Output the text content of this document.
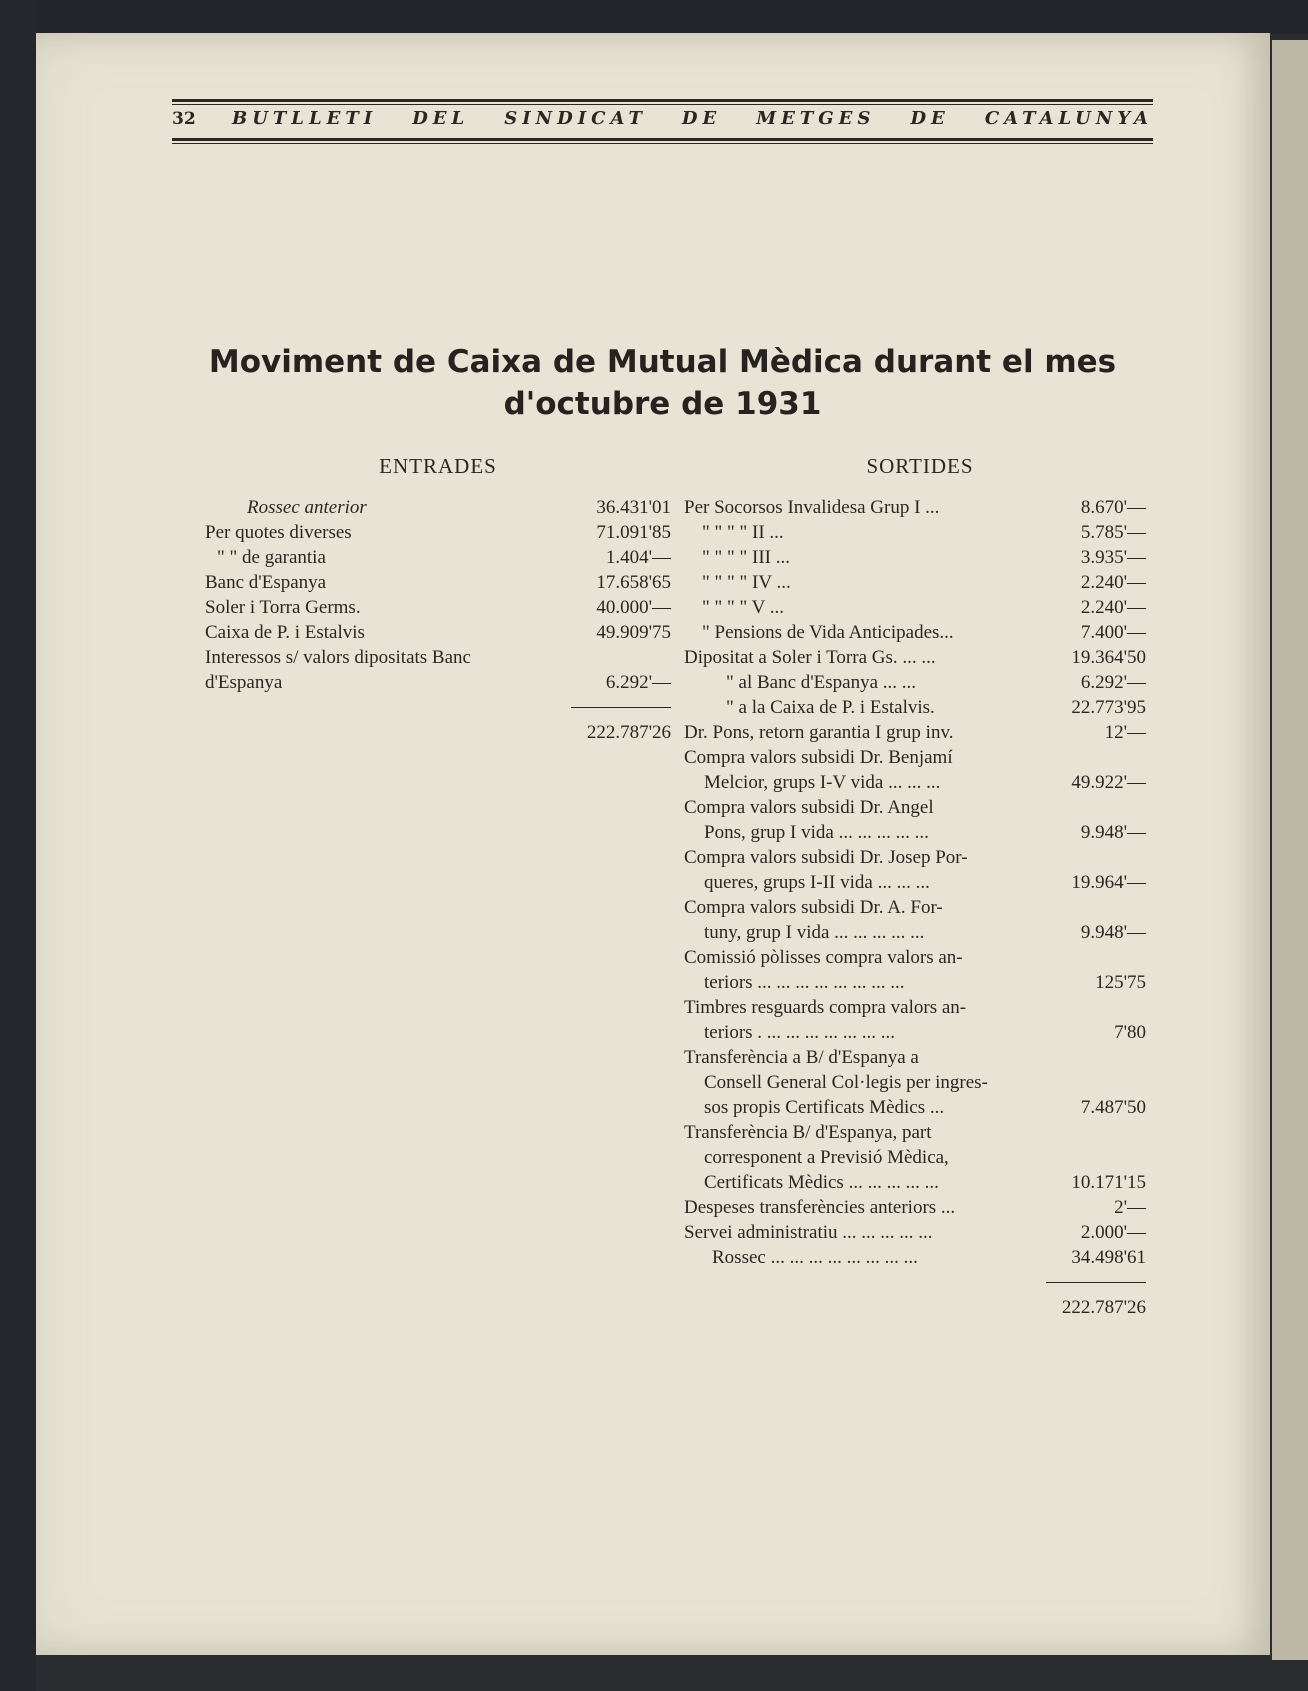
32	BUTLLETI DEL SINDICAT DE METGES DE CATALUNYA
Moviment de Caixa de Mutual Mèdica durant el mes
d'octubre de 1931
ENTRADES	SORTIDES
Rossec anterior	36.431'01
Per quotes diverses	71.091'85
" " de garantia	1.404'—
Banc d'Espanya	17.658'65
Soler i Torra Germs.	40.000'—
Caixa de P. i Estalvis	49.909'75
Interessos s/ valors dipositats Banc
d'Espanya	6.292'—
222.787'26
Per Socorsos Invalidesa Grup I ...	8.670'—
" " " " II ...	5.785'—
" " " " III ...	3.935'—
" " " " IV ...	2.240'—
" " " " V ...	2.240'—
" Pensions de Vida Anticipades...	7.400'—
Dipositat a Soler i Torra Gs. ... ...	19.364'50
" al Banc d'Espanya ... ...	6.292'—
" a la Caixa de P. i Estalvis.	22.773'95
Dr. Pons, retorn garantia I grup inv.	12'—
Compra valors subsidi Dr. Benjamí
Melcior, grups I-V vida ... ... ...	49.922'—
Compra valors subsidi Dr. Angel
Pons, grup I vida ... ... ... ... ...	9.948'—
Compra valors subsidi Dr. Josep Por-
queres, grups I-II vida ... ... ...	19.964'—
Compra valors subsidi Dr. A. For-
tuny, grup I vida ... ... ... ... ...	9.948'—
Comissió pòlisses compra valors an-
teriors ... ... ... ... ... ... ... ...	125'75
Timbres resguards compra valors an-
teriors . ... ... ... ... ... ... ...	7'80
Transferència a B/ d'Espanya a
Consell General Col·legis per ingres-
sos propis Certificats Mèdics ...	7.487'50
Transferència B/ d'Espanya, part
corresponent a Previsió Mèdica,
Certificats Mèdics ... ... ... ... ...	10.171'15
Despeses transferències anteriors ...	2'—
Servei administratiu ... ... ... ... ...	2.000'—
Rossec ... ... ... ... ... ... ... ...	34.498'61
222.787'26
